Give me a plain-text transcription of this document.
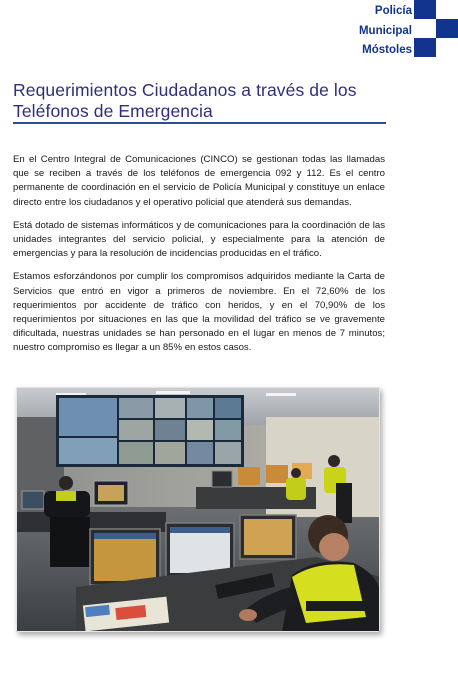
Policía
Municipal
Móstoles
Requerimientos Ciudadanos a través de los
Teléfonos de Emergencia

En el Centro Integral de Comunicaciones (CINCO) se gestionan todas las llamadas que se reciben a través de los teléfonos de emergencia 092 y 112. Es el centro permanente de coordinación en el servicio de Policía Municipal y constituye un enlace directo entre los ciudadanos y el operativo policial que atenderá sus demandas.

Está dotado de sistemas informáticos y de comunicaciones para la coordinación de las unidades integrantes del servicio policial, y especialmente para la atención de emergencias y para la resolución de incidencias producidas en el tráfico.

Estamos esforzándonos por cumplir los compromisos adquiridos mediante la Carta de Servicios que entró en vigor a primeros de noviembre. En el 72,60% de los requerimientos por accidente de tráfico con heridos, y en el 70,90% de los requerimientos por situaciones en las que la movilidad del tráfico se ve gravemente dificultada, nuestras unidades se han personado en el lugar en menos de 7 minutos; nuestro compromiso es llegar a un 85% en estos casos.

POLIC
